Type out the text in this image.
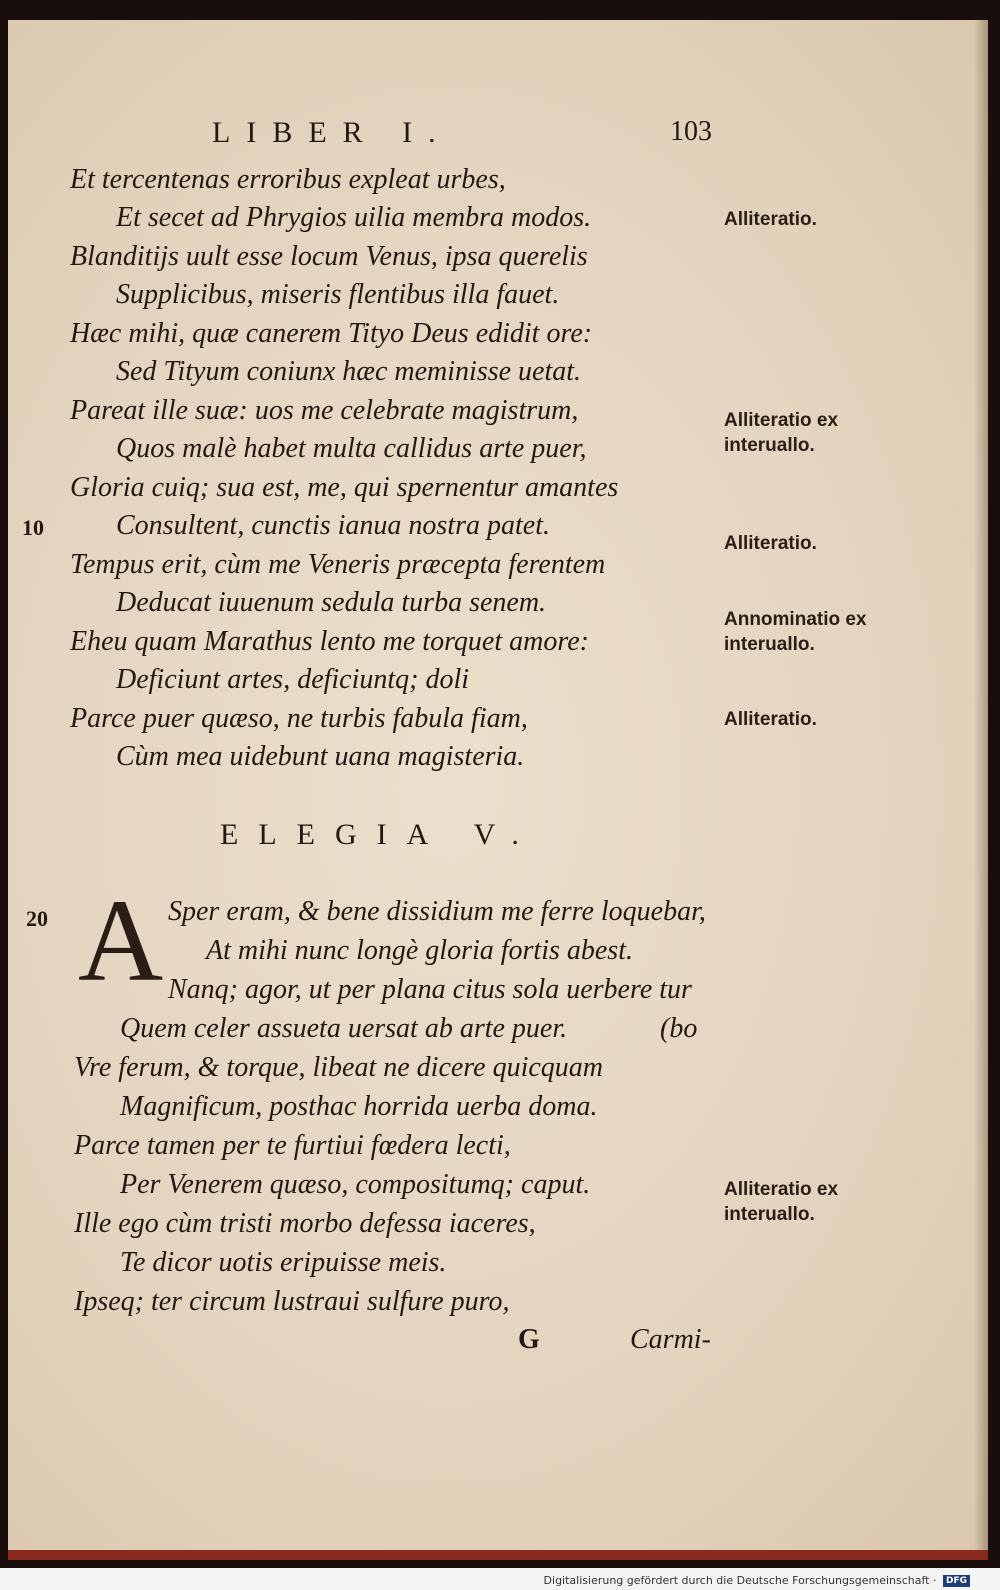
LIBER I.	103
Et tercentenas erroribus expleat urbes,
Et secet ad Phrygios uilia membra modos.
Blanditijs uult esse locum Venus, ipsa querelis
Supplicibus, miseris flentibus illa fauet.
Hæc mihi, quæ canerem Tityo Deus edidit ore:
Sed Tityum coniunx hæc meminisse uetat.
Pareat ille suæ: uos me celebrate magistrum,
Quos malè habet multa callidus arte puer,
Gloria cuiq; sua est, me, qui spernentur amantes
Consultent, cunctis ianua nostra patet.
Tempus erit, cùm me Veneris præcepta ferentem
Deducat iuuenum sedula turba senem.
Eheu quam Marathus lento me torquet amore:
Deficiunt artes, deficiuntq; doli
Parce puer quæso, ne turbis fabula fiam,
Cùm mea uidebunt uana magisteria.
10
20
Alliteratio.
Alliteratio ex interuallo.
Alliteratio.
Annominatio ex interuallo.
Alliteratio.
Alliteratio ex interuallo.
ELEGIA V.
A Sper eram, & bene dissidium me ferre loquebar,
At mihi nunc longè gloria fortis abest.
Nanq; agor, ut per plana citus sola uerbere tur
Quem celer assueta uersat ab arte puer.	(bo
Vre ferum, & torque, libeat ne dicere quicquam
Magnificum, posthac horrida uerba doma.
Parce tamen per te furtiui fœdera lecti,
Per Venerem quæso, compositumq; caput.
Ille ego cùm tristi morbo defessa iaceres,
Te dicor uotis eripuisse meis.
Ipseq; ter circum lustraui sulfure puro,
G	Carmi-
Digitalisierung gefördert durch die Deutsche Forschungsgemeinschaft · DFG
